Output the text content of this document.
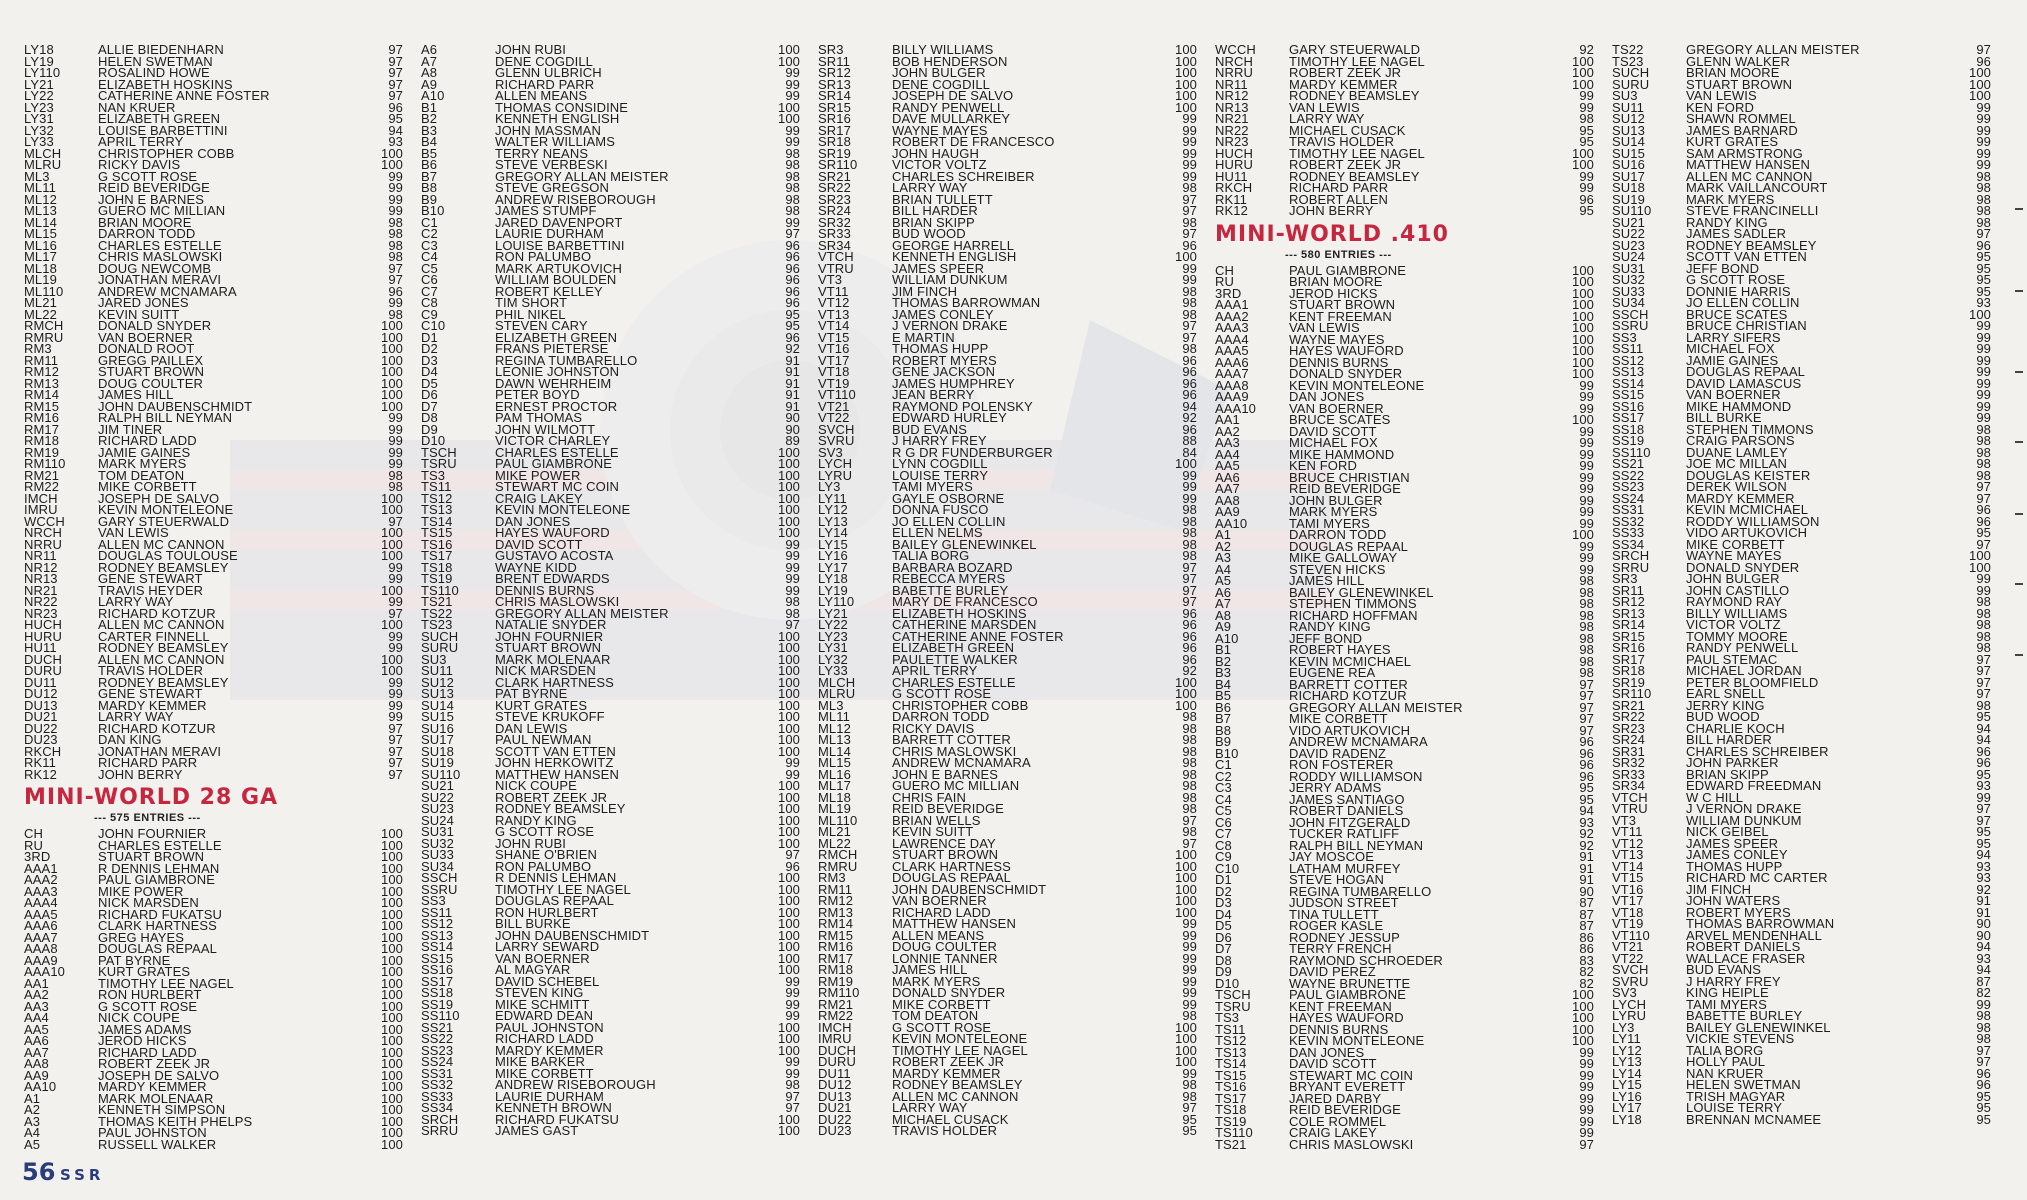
LY18	ALLIE BIEDENHARN	97
LY19	HELEN SWETMAN	97
LY110	ROSALIND HOWE	97
LY21	ELIZABETH HOSKINS	97
LY22	CATHERINE ANNE FOSTER	97
LY23	NAN KRUER	96
LY31	ELIZABETH GREEN	95
LY32	LOUISE BARBETTINI	94
LY33	APRIL TERRY	93
MLCH	CHRISTOPHER COBB	100
MLRU	RICKY DAVIS	100
ML3	G SCOTT ROSE	99
ML11	REID BEVERIDGE	99
ML12	JOHN E BARNES	99
ML13	GUERO MC MILLIAN	99
ML14	BRIAN MOORE	98
ML15	DARRON TODD	98
ML16	CHARLES ESTELLE	98
ML17	CHRIS MASLOWSKI	98
ML18	DOUG NEWCOMB	97
ML19	JONATHAN MERAVI	97
ML110	ANDREW MCNAMARA	96
ML21	JARED JONES	99
ML22	KEVIN SUITT	98
RMCH	DONALD SNYDER	100
RMRU	VAN BOERNER	100
RM3	DONALD ROOT	100
RM11	GREGG PAILLEX	100
RM12	STUART BROWN	100
RM13	DOUG COULTER	100
RM14	JAMES HILL	100
RM15	JOHN DAUBENSCHMIDT	100
RM16	RALPH BILL NEYMAN	99
RM17	JIM TINER	99
RM18	RICHARD LADD	99
RM19	JAMIE GAINES	99
RM110	MARK MYERS	99
RM21	TOM DEATON	98
RM22	MIKE CORBETT	98
IMCH	JOSEPH DE SALVO	100
IMRU	KEVIN MONTELEONE	100
WCCH	GARY STEUERWALD	97
NRCH	VAN LEWIS	100
NRRU	ALLEN MC CANNON	100
NR11	DOUGLAS TOULOUSE	100
NR12	RODNEY BEAMSLEY	99
NR13	GENE STEWART	99
NR21	TRAVIS HEYDER	100
NR22	LARRY WAY	99
NR23	RICHARD KOTZUR	97
HUCH	ALLEN MC CANNON	100
HURU	CARTER FINNELL	99
HU11	RODNEY BEAMSLEY	99
DUCH	ALLEN MC CANNON	100
DURU	TRAVIS HOLDER	100
DU11	RODNEY BEAMSLEY	99
DU12	GENE STEWART	99
DU13	MARDY KEMMER	99
DU21	LARRY WAY	99
DU22	RICHARD KOTZUR	97
DU23	DAN KING	97
RKCH	JONATHAN MERAVI	97
RK11	RICHARD PARR	97
RK12	JOHN BERRY	97
MINI-WORLD 28 GA
--- 575 ENTRIES ---
CH	JOHN FOURNIER	100
RU	CHARLES ESTELLE	100
3RD	STUART BROWN	100
AAA1	R DENNIS LEHMAN	100
AAA2	PAUL GIAMBRONE	100
AAA3	MIKE POWER	100
AAA4	NICK MARSDEN	100
AAA5	RICHARD FUKATSU	100
AAA6	CLARK HARTNESS	100
AAA7	GREG HAYES	100
AAA8	DOUGLAS REPAAL	100
AAA9	PAT BYRNE	100
AAA10	KURT GRATES	100
AA1	TIMOTHY LEE NAGEL	100
AA2	RON HURLBERT	100
AA3	G SCOTT ROSE	100
AA4	NICK COUPE	100
AA5	JAMES ADAMS	100
AA6	JEROD HICKS	100
AA7	RICHARD LADD	100
AA8	ROBERT ZEEK JR	100
AA9	JOSEPH DE SALVO	100
AA10	MARDY KEMMER	100
A1	MARK MOLENAAR	100
A2	KENNETH SIMPSON	100
A3	THOMAS KEITH PHELPS	100
A4	PAUL JOHNSTON	100
A5	RUSSELL WALKER	100
A6	JOHN RUBI	100
A7	DENE COGDILL	100
A8	GLENN ULBRICH	99
A9	RICHARD PARR	99
A10	ALLEN MEANS	99
B1	THOMAS CONSIDINE	100
B2	KENNETH ENGLISH	100
B3	JOHN MASSMAN	99
B4	WALTER WILLIAMS	99
B5	TERRY NEANS	98
B6	STEVE VERBESKI	98
B7	GREGORY ALLAN MEISTER	98
B8	STEVE GREGSON	98
B9	ANDREW RISEBOROUGH	98
B10	JAMES STUMPF	98
C1	JARED DAVENPORT	99
C2	LAURIE DURHAM	97
C3	LOUISE BARBETTINI	96
C4	RON PALUMBO	96
C5	MARK ARTUKOVICH	96
C6	WILLIAM BOULDEN	96
C7	ROBERT KELLEY	96
C8	TIM SHORT	96
C9	PHIL NIKEL	95
C10	STEVEN CARY	95
D1	ELIZABETH GREEN	96
D2	FRANS PIETERSE	92
D3	REGINA TUMBARELLO	91
D4	LEONIE JOHNSTON	91
D5	DAWN WEHRHEIM	91
D6	PETER BOYD	91
D7	ERNEST PROCTOR	91
D8	PAM THOMAS	90
D9	JOHN WILMOTT	90
D10	VICTOR CHARLEY	89
TSCH	CHARLES ESTELLE	100
TSRU	PAUL GIAMBRONE	100
TS3	MIKE POWER	100
TS11	STEWART MC COIN	100
TS12	CRAIG LAKEY	100
TS13	KEVIN MONTELEONE	100
TS14	DAN JONES	100
TS15	HAYES WAUFORD	100
TS16	DAVID SCOTT	99
TS17	GUSTAVO ACOSTA	99
TS18	WAYNE KIDD	99
TS19	BRENT EDWARDS	99
TS110	DENNIS BURNS	99
TS21	CHRIS MASLOWSKI	98
TS22	GREGORY ALLAN MEISTER	98
TS23	NATALIE SNYDER	97
SUCH	JOHN FOURNIER	100
SURU	STUART BROWN	100
SU3	MARK MOLENAAR	100
SU11	NICK MARSDEN	100
SU12	CLARK HARTNESS	100
SU13	PAT BYRNE	100
SU14	KURT GRATES	100
SU15	STEVE KRUKOFF	100
SU16	DAN LEWIS	100
SU17	PAUL NEWMAN	100
SU18	SCOTT VAN ETTEN	100
SU19	JOHN HERKOWITZ	99
SU110	MATTHEW HANSEN	99
SU21	NICK COUPE	100
SU22	ROBERT ZEEK JR	100
SU23	RODNEY BEAMSLEY	100
SU24	RANDY KING	100
SU31	G SCOTT ROSE	100
SU32	JOHN RUBI	100
SU33	SHANE O'BRIEN	97
SU34	RON PALUMBO	96
SSCH	R DENNIS LEHMAN	100
SSRU	TIMOTHY LEE NAGEL	100
SS3	DOUGLAS REPAAL	100
SS11	RON HURLBERT	100
SS12	BILL BURKE	100
SS13	JOHN DAUBENSCHMIDT	100
SS14	LARRY SEWARD	100
SS15	VAN BOERNER	100
SS16	AL MAGYAR	100
SS17	DAVID SCHEBEL	99
SS18	STEVEN KING	99
SS19	MIKE SCHMITT	99
SS110	EDWARD DEAN	99
SS21	PAUL JOHNSTON	100
SS22	RICHARD LADD	100
SS23	MARDY KEMMER	100
SS24	MIKE BARKER	99
SS31	MIKE CORBETT	99
SS32	ANDREW RISEBOROUGH	98
SS33	LAURIE DURHAM	97
SS34	KENNETH BROWN	97
SRCH	RICHARD FUKATSU	100
SRRU	JAMES GAST	100
SR3	BILLY WILLIAMS	100
SR11	BOB HENDERSON	100
SR12	JOHN BULGER	100
SR13	DENE COGDILL	100
SR14	JOSEPH DE SALVO	100
SR15	RANDY PENWELL	100
SR16	DAVE MULLARKEY	99
SR17	WAYNE MAYES	99
SR18	ROBERT DE FRANCESCO	99
SR19	JOHN HAUGH	99
SR110	VICTOR VOLTZ	99
SR21	CHARLES SCHREIBER	99
SR22	LARRY WAY	98
SR23	BRIAN TULLETT	97
SR24	BILL HARDER	97
SR32	BRIAN SKIPP	98
SR33	BUD WOOD	97
SR34	GEORGE HARRELL	96
VTCH	KENNETH ENGLISH	100
VTRU	JAMES SPEER	99
VT3	WILLIAM DUNKUM	99
VT11	JIM FINCH	98
VT12	THOMAS BARROWMAN	98
VT13	JAMES CONLEY	98
VT14	J VERNON DRAKE	97
VT15	E MARTIN	97
VT16	THOMAS HUPP	98
VT17	ROBERT MYERS	96
VT18	GENE JACKSON	96
VT19	JAMES HUMPHREY	96
VT110	JEAN BERRY	96
VT21	RAYMOND POLENSKY	94
VT22	EDWARD HURLEY	92
SVCH	BUD EVANS	96
SVRU	J HARRY FREY	88
SV3	R G DR FUNDERBURGER	84
LYCH	LYNN COGDILL	100
LYRU	LOUISE TERRY	99
LY3	TAMI MYERS	99
LY11	GAYLE OSBORNE	99
LY12	DONNA FUSCO	98
LY13	JO ELLEN COLLIN	98
LY14	ELLEN NELMS	98
LY15	BAILEY GLENEWINKEL	98
LY16	TALIA BORG	98
LY17	BARBARA BOZARD	97
LY18	REBECCA MYERS	97
LY19	BABETTE BURLEY	97
LY110	MARY DE FRANCESCO	97
LY21	ELIZABETH HOSKINS	96
LY22	CATHERINE MARSDEN	96
LY23	CATHERINE ANNE FOSTER	96
LY31	ELIZABETH GREEN	96
LY32	PAULETTE WALKER	96
LY33	APRIL TERRY	92
MLCH	CHARLES ESTELLE	100
MLRU	G SCOTT ROSE	100
ML3	CHRISTOPHER COBB	100
ML11	DARRON TODD	98
ML12	RICKY DAVIS	98
ML13	BARRETT COTTER	98
ML14	CHRIS MASLOWSKI	98
ML15	ANDREW MCNAMARA	98
ML16	JOHN E BARNES	98
ML17	GUERO MC MILLIAN	98
ML18	CHRIS FAIN	98
ML19	REID BEVERIDGE	98
ML110	BRIAN WELLS	97
ML21	KEVIN SUITT	98
ML22	LAWRENCE DAY	97
RMCH	STUART BROWN	100
RMRU	CLARK HARTNESS	100
RM3	DOUGLAS REPAAL	100
RM11	JOHN DAUBENSCHMIDT	100
RM12	VAN BOERNER	100
RM13	RICHARD LADD	100
RM14	MATTHEW HANSEN	99
RM15	ALLEN MEANS	99
RM16	DOUG COULTER	99
RM17	LONNIE TANNER	99
RM18	JAMES HILL	99
RM19	MARK MYERS	99
RM110	DONALD SNYDER	99
RM21	MIKE CORBETT	99
RM22	TOM DEATON	98
IMCH	G SCOTT ROSE	100
IMRU	KEVIN MONTELEONE	100
DUCH	TIMOTHY LEE NAGEL	100
DURU	ROBERT ZEEK JR	100
DU11	MARDY KEMMER	99
DU12	RODNEY BEAMSLEY	98
DU13	ALLEN MC CANNON	98
DU21	LARRY WAY	97
DU22	MICHAEL CUSACK	95
DU23	TRAVIS HOLDER	95
WCCH	GARY STEUERWALD	92
NRCH	TIMOTHY LEE NAGEL	100
NRRU	ROBERT ZEEK JR	100
NR11	MARDY KEMMER	100
NR12	RODNEY BEAMSLEY	99
NR13	VAN LEWIS	99
NR21	LARRY WAY	98
NR22	MICHAEL CUSACK	95
NR23	TRAVIS HOLDER	95
HUCH	TIMOTHY LEE NAGEL	100
HURU	ROBERT ZEEK JR	100
HU11	RODNEY BEAMSLEY	99
RKCH	RICHARD PARR	99
RK11	ROBERT ALLEN	96
RK12	JOHN BERRY	95
MINI-WORLD .410
--- 580 ENTRIES ---
CH	PAUL GIAMBRONE	100
RU	BRIAN MOORE	100
3RD	JEROD HICKS	100
AAA1	STUART BROWN	100
AAA2	KENT FREEMAN	100
AAA3	VAN LEWIS	100
AAA4	WAYNE MAYES	100
AAA5	HAYES WAUFORD	100
AAA6	DENNIS BURNS	100
AAA7	DONALD SNYDER	100
AAA8	KEVIN MONTELEONE	99
AAA9	DAN JONES	99
AAA10	VAN BOERNER	99
AA1	BRUCE SCATES	100
AA2	DAVID SCOTT	99
AA3	MICHAEL FOX	99
AA4	MIKE HAMMOND	99
AA5	KEN FORD	99
AA6	BRUCE CHRISTIAN	99
AA7	REID BEVERIDGE	99
AA8	JOHN BULGER	99
AA9	MARK MYERS	99
AA10	TAMI MYERS	99
A1	DARRON TODD	100
A2	DOUGLAS REPAAL	99
A3	MIKE GALLOWAY	99
A4	STEVEN HICKS	99
A5	JAMES HILL	98
A6	BAILEY GLENEWINKEL	98
A7	STEPHEN TIMMONS	98
A8	RICHARD HOFFMAN	98
A9	RANDY KING	98
A10	JEFF BOND	98
B1	ROBERT HAYES	98
B2	KEVIN MCMICHAEL	98
B3	EUGENE REA	98
B4	BARRETT COTTER	97
B5	RICHARD KOTZUR	97
B6	GREGORY ALLAN MEISTER	97
B7	MIKE CORBETT	97
B8	VIDO ARTUKOVICH	97
B9	ANDREW MCNAMARA	96
B10	DAVID RADENZ	96
C1	RON FOSTERER	96
C2	RODDY WILLIAMSON	96
C3	JERRY ADAMS	95
C4	JAMES SANTIAGO	95
C5	ROBERT DANIELS	94
C6	JOHN FITZGERALD	93
C7	TUCKER RATLIFF	92
C8	RALPH BILL NEYMAN	92
C9	JAY MOSCOE	91
C10	LATHAM MURFEY	91
D1	STEVE HOGAN	91
D2	REGINA TUMBARELLO	90
D3	JUDSON STREET	87
D4	TINA TULLETT	87
D5	ROGER KASLE	87
D6	RODNEY JESSUP	86
D7	TERRY FRENCH	86
D8	RAYMOND SCHROEDER	83
D9	DAVID PEREZ	82
D10	WAYNE BRUNETTE	82
TSCH	PAUL GIAMBRONE	100
TSRU	KENT FREEMAN	100
TS3	HAYES WAUFORD	100
TS11	DENNIS BURNS	100
TS12	KEVIN MONTELEONE	100
TS13	DAN JONES	99
TS14	DAVID SCOTT	99
TS15	STEWART MC COIN	99
TS16	BRYANT EVERETT	99
TS17	JARED DARBY	99
TS18	REID BEVERIDGE	99
TS19	COLE ROMMEL	99
TS110	CRAIG LAKEY	99
TS21	CHRIS MASLOWSKI	97
TS22	GREGORY ALLAN MEISTER	97
TS23	GLENN WALKER	96
SUCH	BRIAN MOORE	100
SURU	STUART BROWN	100
SU3	VAN LEWIS	100
SU11	KEN FORD	99
SU12	SHAWN ROMMEL	99
SU13	JAMES BARNARD	99
SU14	KURT GRATES	99
SU15	SAM ARMSTRONG	99
SU16	MATTHEW HANSEN	99
SU17	ALLEN MC CANNON	98
SU18	MARK VAILLANCOURT	98
SU19	MARK MYERS	98
SU110	STEVE FRANCINELLI	98
SU21	RANDY KING	98
SU22	JAMES SADLER	97
SU23	RODNEY BEAMSLEY	96
SU24	SCOTT VAN ETTEN	95
SU31	JEFF BOND	95
SU32	G SCOTT ROSE	95
SU33	DONNIE HARRIS	95
SU34	JO ELLEN COLLIN	93
SSCH	BRUCE SCATES	100
SSRU	BRUCE CHRISTIAN	99
SS3	LARRY SIFERS	99
SS11	MICHAEL FOX	99
SS12	JAMIE GAINES	99
SS13	DOUGLAS REPAAL	99
SS14	DAVID LAMASCUS	99
SS15	VAN BOERNER	99
SS16	MIKE HAMMOND	99
SS17	BILL BURKE	99
SS18	STEPHEN TIMMONS	98
SS19	CRAIG PARSONS	98
SS110	DUANE LAMLEY	98
SS21	JOE MC MILLAN	98
SS22	DOUGLAS KEISTER	98
SS23	DEREK WILSON	97
SS24	MARDY KEMMER	97
SS31	KEVIN MCMICHAEL	96
SS32	RODDY WILLIAMSON	96
SS33	VIDO ARTUKOVICH	95
SS34	MIKE CORBETT	97
SRCH	WAYNE MAYES	100
SRRU	DONALD SNYDER	100
SR3	JOHN BULGER	99
SR11	JOHN CASTILLO	99
SR12	RAYMOND RAY	98
SR13	BILLY WILLIAMS	98
SR14	VICTOR VOLTZ	98
SR15	TOMMY MOORE	98
SR16	RANDY PENWELL	98
SR17	PAUL STEMAC	97
SR18	MICHAEL JORDAN	97
SR19	PETER BLOOMFIELD	97
SR110	EARL SNELL	97
SR21	JERRY KING	98
SR22	BUD WOOD	95
SR23	CHARLIE KOCH	94
SR24	BILL HARDER	94
SR31	CHARLES SCHREIBER	96
SR32	JOHN PARKER	96
SR33	BRIAN SKIPP	95
SR34	EDWARD FREEDMAN	93
VTCH	W C HILL	99
VTRU	J VERNON DRAKE	97
VT3	WILLIAM DUNKUM	97
VT11	NICK GEIBEL	95
VT12	JAMES SPEER	95
VT13	JAMES CONLEY	94
VT14	THOMAS HUPP	93
VT15	RICHARD MC CARTER	93
VT16	JIM FINCH	92
VT17	JOHN WATERS	91
VT18	ROBERT MYERS	91
VT19	THOMAS BARROWMAN	90
VT110	ARVEL MENDENHALL	90
VT21	ROBERT DANIELS	94
VT22	WALLACE FRASER	93
SVCH	BUD EVANS	94
SVRU	J HARRY FREY	87
SV3	KING HEIPLE	82
LYCH	TAMI MYERS	99
LYRU	BABETTE BURLEY	98
LY3	BAILEY GLENEWINKEL	98
LY11	VICKIE STEVENS	98
LY12	TALIA BORG	97
LY13	HOLLY PAUL	97
LY14	NAN KRUER	96
LY15	HELEN SWETMAN	96
LY16	TRISH MAGYAR	95
LY17	LOUISE TERRY	95
LY18	BRENNAN MCNAMEE	95
56 SSR
